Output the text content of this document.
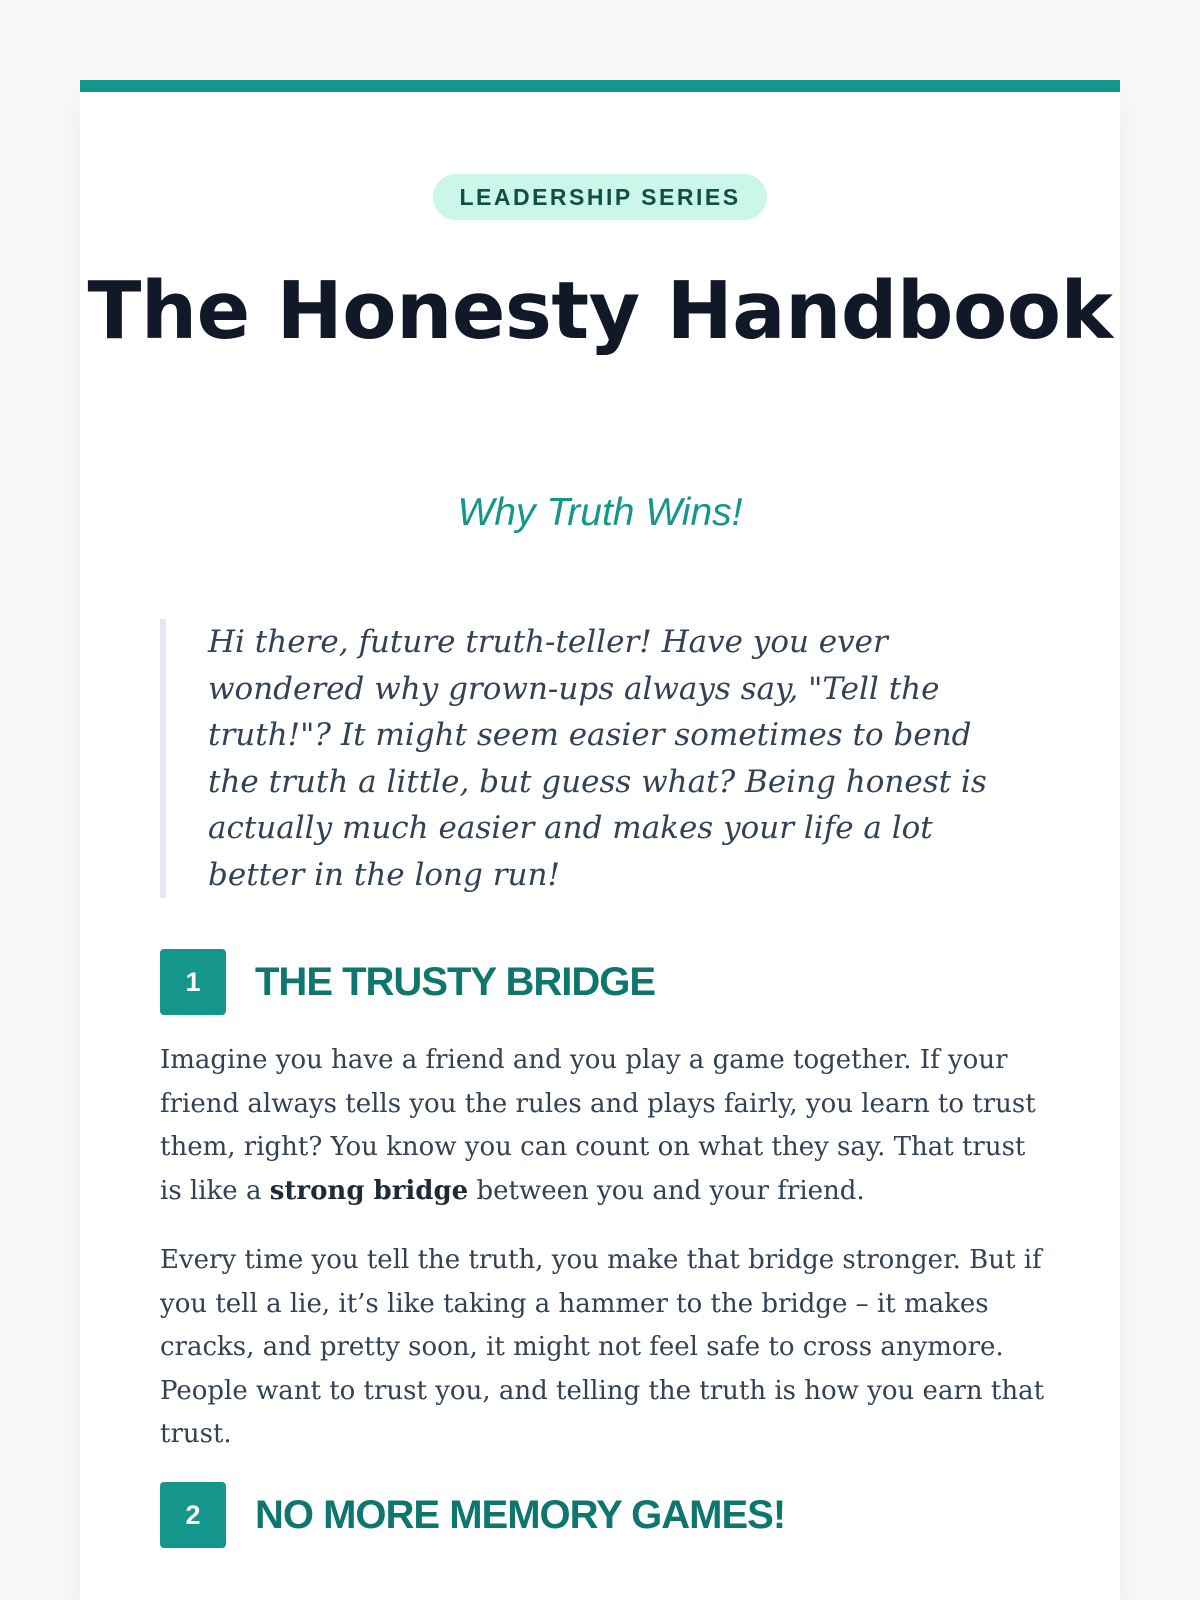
LEADERSHIP SERIES
The Honesty Handbook
Why Truth Wins!
Hi there, future truth-teller! Have you ever wondered why grown-ups always say, "Tell the truth!"? It might seem easier sometimes to bend the truth a little, but guess what? Being honest is actually much easier and makes your life a lot better in the long run!
1	THE TRUSTY BRIDGE

Imagine you have a friend and you play a game together. If your friend always tells you the rules and plays fairly, you learn to trust them, right? You know you can count on what they say. That trust is like a strong bridge between you and your friend.

Every time you tell the truth, you make that bridge stronger. But if you tell a lie, it’s like taking a hammer to the bridge – it makes cracks, and pretty soon, it might not feel safe to cross anymore. People want to trust you, and telling the truth is how you earn that trust.

2	NO MORE MEMORY GAMES!
